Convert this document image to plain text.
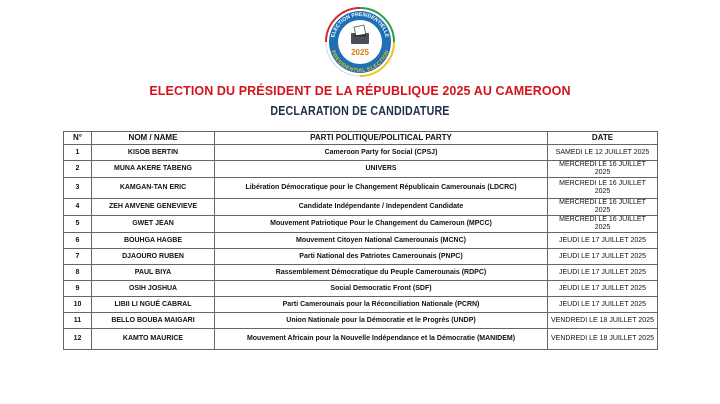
ELECTION PRESIDENTIELLE
PRESIDENTIAL ELECTION
2025
ELECTION DU PRÉSIDENT DE LA RÉPUBLIQUE 2025 AU CAMEROON
DECLARATION DE CANDIDATURE
N°	NOM / NAME	PARTI POLITIQUE/POLITICAL PARTY	DATE
1	KISOB BERTIN	Cameroon Party for Social (CPSJ)	SAMEDI LE 12 JUILLET 2025
2	MUNA AKERE TABENG	UNIVERS	MERCREDI LE 16 JUILLET 2025
3	KAMGAN-TAN ERIC	Libération Démocratique pour le Changement Républicain Camerounais (LDCRC)	MERCREDI LE 16 JUILLET 2025
4	ZEH AMVENE GENEVIEVE	Candidate Indépendante / Independent Candidate	MERCREDI LE 16 JUILLET 2025
5	GWET JEAN	Mouvement Patriotique Pour le Changement du Cameroun (MPCC)	MERCREDI LE 16 JUILLET 2025
6	BOUHGA HAGBE	Mouvement Citoyen National Camerounais (MCNC)	JEUDI LE 17 JUILLET 2025
7	DJAOURO RUBEN	Parti National des Patriotes Camerounais (PNPC)	JEUDI LE 17 JUILLET 2025
8	PAUL BIYA	Rassemblement Démocratique du Peuple Camerounais (RDPC)	JEUDI LE 17 JUILLET 2025
9	OSIH JOSHUA	Social Democratic Front (SDF)	JEUDI LE 17 JUILLET 2025
10	LIBII LI NGUÉ CABRAL	Parti Camerounais pour la Réconciliation Nationale (PCRN)	JEUDI LE 17 JUILLET 2025
11	BELLO BOUBA MAIGARI	Union Nationale pour la Démocratie et le Progrès (UNDP)	VENDREDI LE 18 JUILLET 2025
12	KAMTO MAURICE	Mouvement Africain pour la Nouvelle Indépendance et la Démocratie (MANIDEM)	VENDREDI LE 18 JUILLET 2025
